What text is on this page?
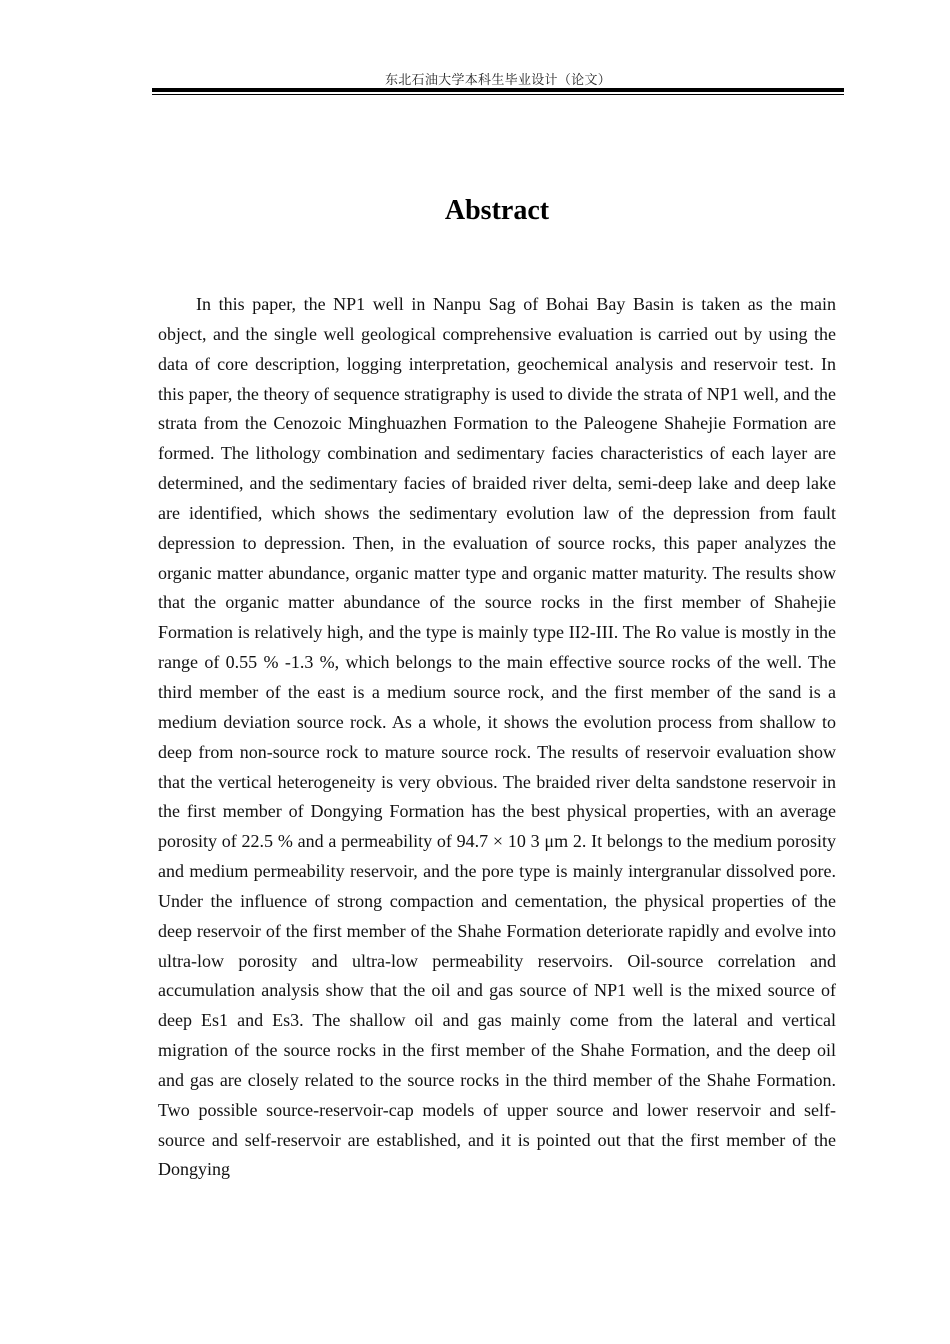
东北石油大学本科生毕业设计（论文）
Abstract

In this paper, the NP1 well in Nanpu Sag of Bohai Bay Basin is taken as the main object, and the single well geological comprehensive evaluation is carried out by using the data of core description, logging interpretation, geochemical analysis and reservoir test. In this paper, the theory of sequence stratigraphy is used to divide the strata of NP1 well, and the strata from the Cenozoic Minghuazhen Formation to the Paleogene Shahejie Formation are formed. The lithology combination and sedimentary facies characteristics of each layer are determined, and the sedimentary facies of braided river delta, semi-deep lake and deep lake are identified, which shows the sedimentary evolution law of the depression from fault depression to depression. Then, in the evaluation of source rocks, this paper analyzes the organic matter abundance, organic matter type and organic matter maturity. The results show that the organic matter abundance of the source rocks in the first member of Shahejie Formation is relatively high, and the type is mainly type II2-III. The Ro value is mostly in the range of 0.55 % -1.3 %, which belongs to the main effective source rocks of the well. The third member of the east is a medium source rock, and the first member of the sand is a medium deviation source rock. As a whole, it shows the evolution process from shallow to deep from non-source rock to mature source rock. The results of reservoir evaluation show that the vertical heterogeneity is very obvious. The braided river delta sandstone reservoir in the first member of Dongying Formation has the best physical properties, with an average porosity of 22.5 % and a permeability of 94.7 × 10 3 μm 2. It belongs to the medium porosity and medium permeability reservoir, and the pore type is mainly intergranular dissolved pore. Under the influence of strong compaction and cementation, the physical properties of the deep reservoir of the first member of the Shahe Formation deteriorate rapidly and evolve into ultra-low porosity and ultra-low permeability reservoirs. Oil-source correlation and accumulation analysis show that the oil and gas source of NP1 well is the mixed source of deep Es1 and Es3. The shallow oil and gas mainly come from the lateral and vertical migration of the source rocks in the first member of the Shahe Formation, and the deep oil and gas are closely related to the source rocks in the third member of the Shahe Formation. Two possible source-reservoir-cap models of upper source and lower reservoir and self-source and self-reservoir are established, and it is pointed out that the first member of the Dongying
